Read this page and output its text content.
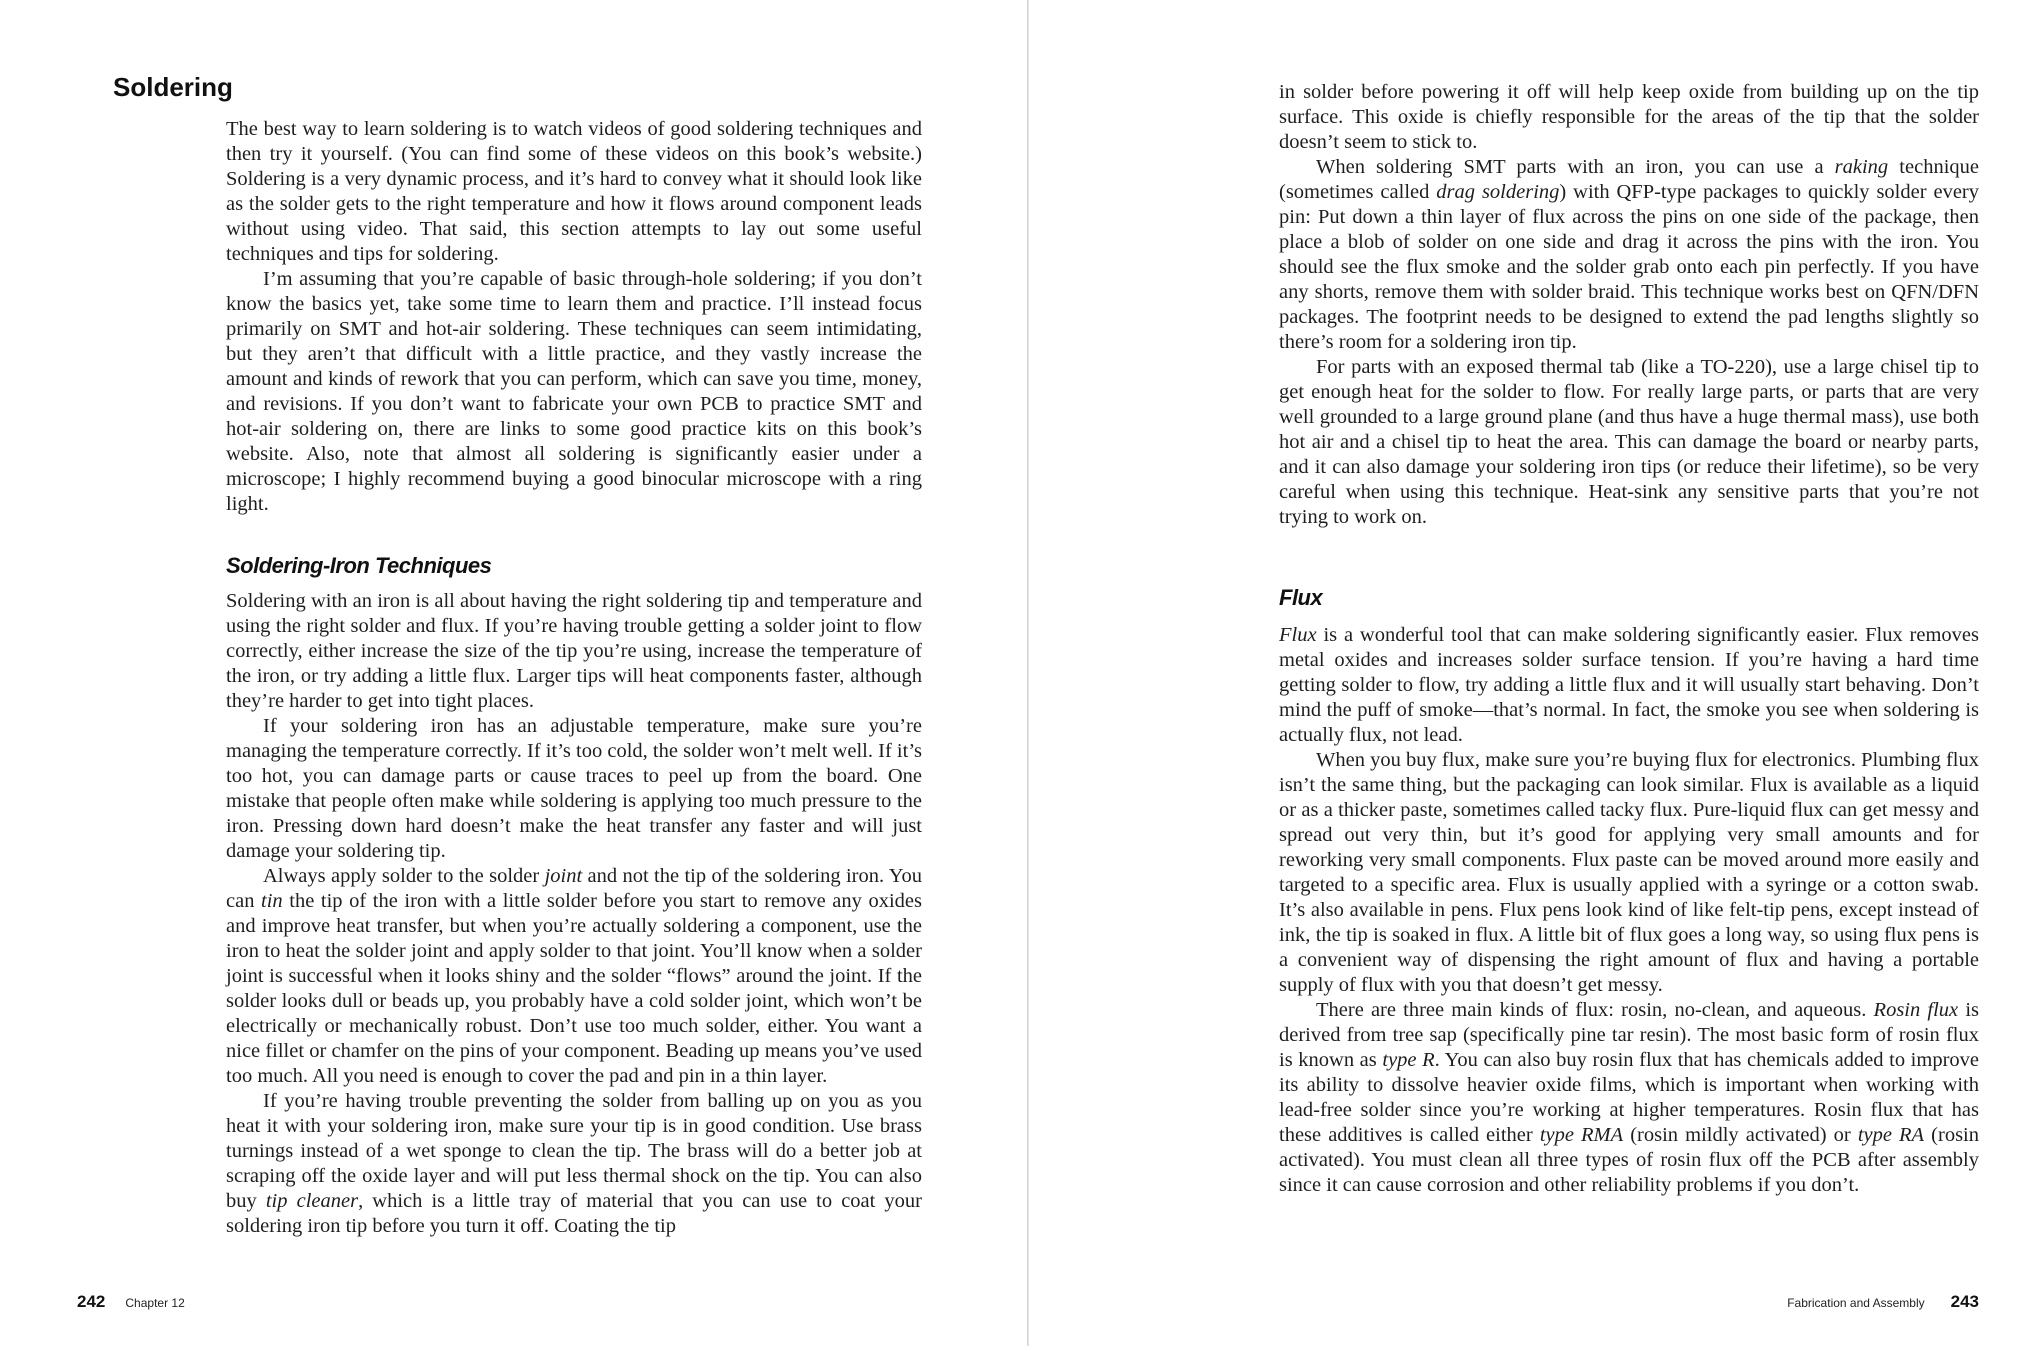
Soldering

The best way to learn soldering is to watch videos of good soldering techniques and then try it yourself. (You can find some of these videos on this book’s website.) Soldering is a very dynamic process, and it’s hard to convey what it should look like as the solder gets to the right temperature and how it flows around component leads without using video. That said, this section attempts to lay out some useful techniques and tips for soldering.

I’m assuming that you’re capable of basic through-hole soldering; if you don’t know the basics yet, take some time to learn them and practice. I’ll instead focus primarily on SMT and hot-air soldering. These techniques can seem intimidating, but they aren’t that difficult with a little practice, and they vastly increase the amount and kinds of rework that you can perform, which can save you time, money, and revisions. If you don’t want to fabricate your own PCB to practice SMT and hot-air soldering on, there are links to some good practice kits on this book’s website. Also, note that almost all soldering is significantly easier under a microscope; I highly recommend buying a good binocular microscope with a ring light.

Soldering-Iron Techniques

Soldering with an iron is all about having the right soldering tip and temperature and using the right solder and flux. If you’re having trouble getting a solder joint to flow correctly, either increase the size of the tip you’re using, increase the temperature of the iron, or try adding a little flux. Larger tips will heat components faster, although they’re harder to get into tight places.

If your soldering iron has an adjustable temperature, make sure you’re managing the temperature correctly. If it’s too cold, the solder won’t melt well. If it’s too hot, you can damage parts or cause traces to peel up from the board. One mistake that people often make while soldering is applying too much pressure to the iron. Pressing down hard doesn’t make the heat transfer any faster and will just damage your soldering tip.

Always apply solder to the solder joint and not the tip of the soldering iron. You can tin the tip of the iron with a little solder before you start to remove any oxides and improve heat transfer, but when you’re actually soldering a component, use the iron to heat the solder joint and apply solder to that joint. You’ll know when a solder joint is successful when it looks shiny and the solder “flows” around the joint. If the solder looks dull or beads up, you probably have a cold solder joint, which won’t be electrically or mechanically robust. Don’t use too much solder, either. You want a nice fillet or chamfer on the pins of your component. Beading up means you’ve used too much. All you need is enough to cover the pad and pin in a thin layer.

If you’re having trouble preventing the solder from balling up on you as you heat it with your soldering iron, make sure your tip is in good condition. Use brass turnings instead of a wet sponge to clean the tip. The brass will do a better job at scraping off the oxide layer and will put less thermal shock on the tip. You can also buy tip cleaner, which is a little tray of material that you can use to coat your soldering iron tip before you turn it off. Coating the tip

242 Chapter 12

in solder before powering it off will help keep oxide from building up on the tip surface. This oxide is chiefly responsible for the areas of the tip that the solder doesn’t seem to stick to.

When soldering SMT parts with an iron, you can use a raking technique (sometimes called drag soldering) with QFP-type packages to quickly solder every pin: Put down a thin layer of flux across the pins on one side of the package, then place a blob of solder on one side and drag it across the pins with the iron. You should see the flux smoke and the solder grab onto each pin perfectly. If you have any shorts, remove them with solder braid. This technique works best on QFN/DFN packages. The footprint needs to be designed to extend the pad lengths slightly so there’s room for a soldering iron tip.

For parts with an exposed thermal tab (like a TO-220), use a large chisel tip to get enough heat for the solder to flow. For really large parts, or parts that are very well grounded to a large ground plane (and thus have a huge thermal mass), use both hot air and a chisel tip to heat the area. This can damage the board or nearby parts, and it can also damage your soldering iron tips (or reduce their lifetime), so be very careful when using this technique. Heat-sink any sensitive parts that you’re not trying to work on.

Flux

Flux is a wonderful tool that can make soldering significantly easier. Flux removes metal oxides and increases solder surface tension. If you’re having a hard time getting solder to flow, try adding a little flux and it will usually start behaving. Don’t mind the puff of smoke—that’s normal. In fact, the smoke you see when soldering is actually flux, not lead.

When you buy flux, make sure you’re buying flux for electronics. Plumbing flux isn’t the same thing, but the packaging can look similar. Flux is available as a liquid or as a thicker paste, sometimes called tacky flux. Pure-liquid flux can get messy and spread out very thin, but it’s good for applying very small amounts and for reworking very small components. Flux paste can be moved around more easily and targeted to a specific area. Flux is usually applied with a syringe or a cotton swab. It’s also available in pens. Flux pens look kind of like felt-tip pens, except instead of ink, the tip is soaked in flux. A little bit of flux goes a long way, so using flux pens is a convenient way of dispensing the right amount of flux and having a portable supply of flux with you that doesn’t get messy.

There are three main kinds of flux: rosin, no-clean, and aqueous. Rosin flux is derived from tree sap (specifically pine tar resin). The most basic form of rosin flux is known as type R. You can also buy rosin flux that has chemicals added to improve its ability to dissolve heavier oxide films, which is important when working with lead-free solder since you’re working at higher temperatures. Rosin flux that has these additives is called either type RMA (rosin mildly activated) or type RA (rosin activated). You must clean all three types of rosin flux off the PCB after assembly since it can cause corrosion and other reliability problems if you don’t.

Fabrication and Assembly 243
